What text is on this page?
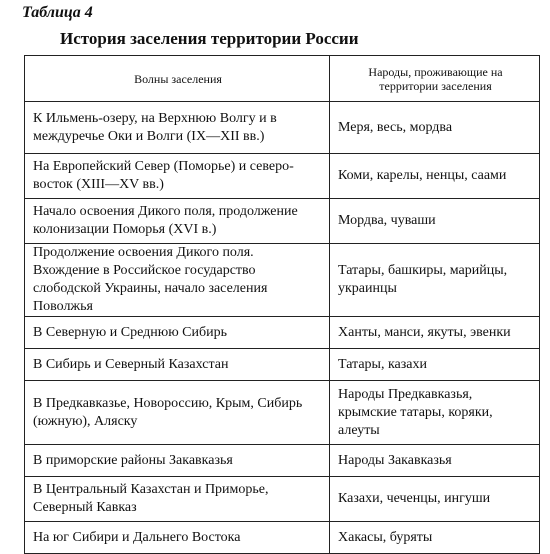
Таблица 4
История заселения территории России
Волны заселения	Народы, проживающие на территории заселения
К Ильмень-озеру, на Верхнюю Волгу и в междуречье Оки и Волги (IX—XII вв.)	Меря, весь, мордва
На Европейский Север (Поморье) и северо-восток (XIII—XV вв.)	Коми, карелы, ненцы, саами
Начало освоения Дикого поля, продолжение колонизации Поморья (XVI в.)	Мордва, чуваши
Продолжение освоения Дикого поля. Вхождение в Российское государство слободской Украины, начало заселения Поволжья	Татары, башкиры, марийцы, украинцы
В Северную и Среднюю Сибирь	Ханты, манси, якуты, эвенки
В Сибирь и Северный Казахстан	Татары, казахи
В Предкавказье, Новороссию, Крым, Сибирь (южную), Аляску	Народы Предкавказья, крымские татары, коряки, алеуты
В приморские районы Закавказья	Народы Закавказья
В Центральный Казахстан и Приморье, Северный Кавказ	Казахи, чеченцы, ингуши
На юг Сибири и Дальнего Востока	Хакасы, буряты
